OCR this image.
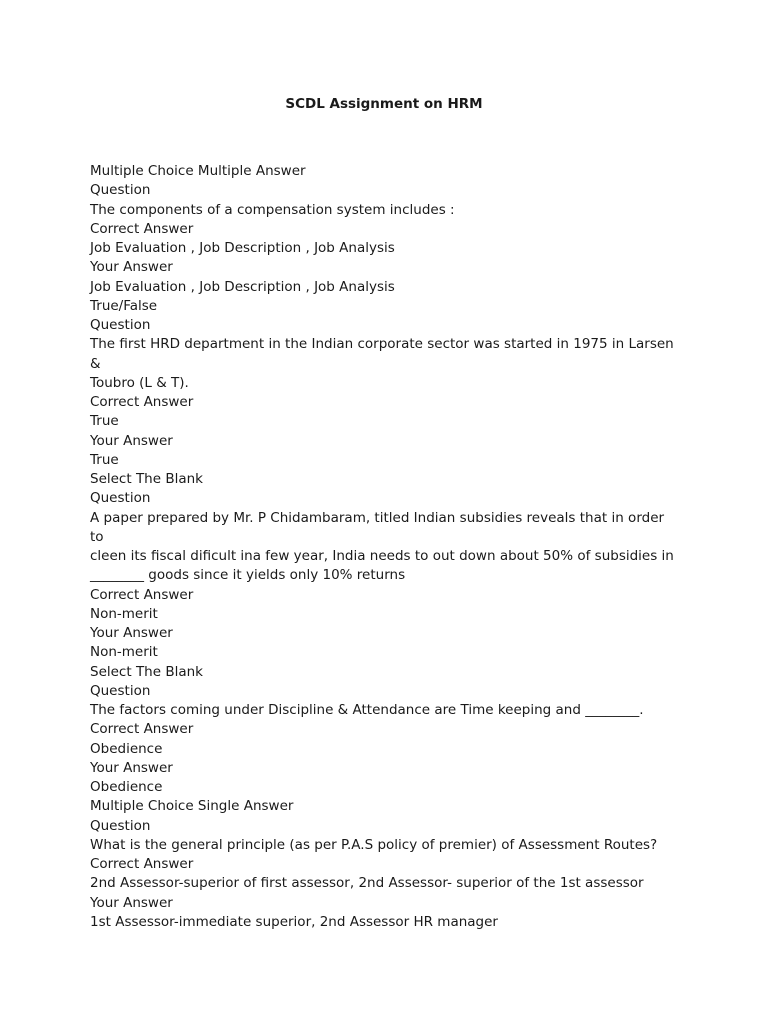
SCDL Assignment on HRM
Multiple Choice Multiple Answer
Question
The components of a compensation system includes :
Correct Answer
Job Evaluation , Job Description , Job Analysis
Your Answer
Job Evaluation , Job Description , Job Analysis
True/False
Question
The first HRD department in the Indian corporate sector was started in 1975 in Larsen &
Toubro (L & T).
Correct Answer
True
Your Answer
True
Select The Blank
Question
A paper prepared by Mr. P Chidambaram, titled Indian subsidies reveals that in order to
cleen its fiscal dificult ina few year, India needs to out down about 50% of subsidies in
________ goods since it yields only 10% returns
Correct Answer
Non-merit
Your Answer
Non-merit
Select The Blank
Question
The factors coming under Discipline & Attendance are Time keeping and ________.
Correct Answer
Obedience
Your Answer
Obedience
Multiple Choice Single Answer
Question
What is the general principle (as per P.A.S policy of premier) of Assessment Routes?
Correct Answer
2nd Assessor-superior of first assessor, 2nd Assessor- superior of the 1st assessor
Your Answer
1st Assessor-immediate superior, 2nd Assessor HR manager
